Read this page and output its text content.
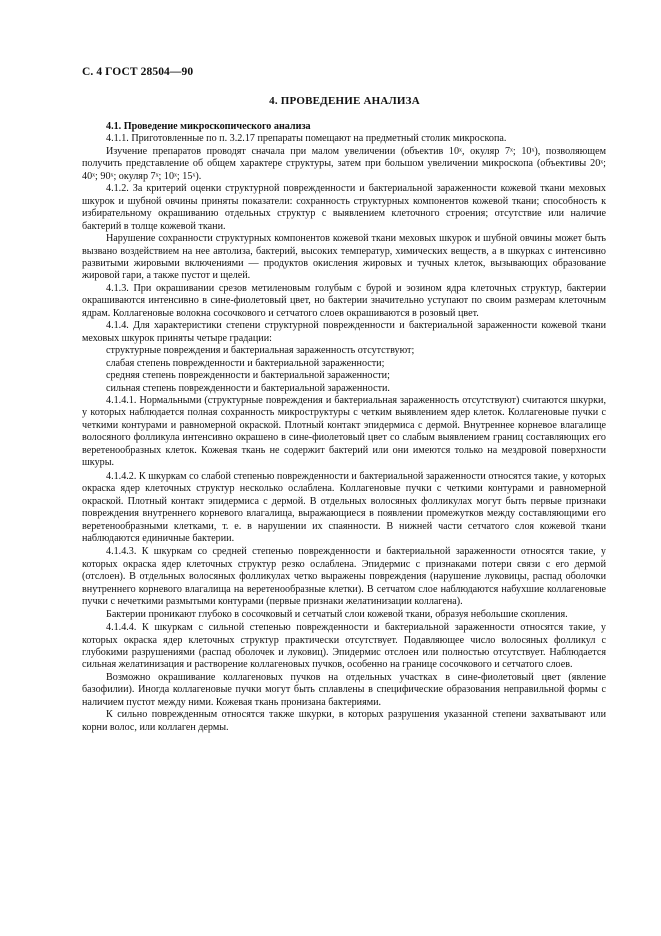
С. 4 ГОСТ 28504—90
4. ПРОВЕДЕНИЕ АНАЛИЗА

4.1. Проведение микроскопического анализа

4.1.1. Приготовленные по п. 3.2.17 препараты помещают на предметный столик микроскопа.

Изучение препаратов проводят сначала при малом увеличении (объектив 10ˣ, окуляр 7ˣ; 10ˣ), позволяющем получить представление об общем характере структуры, затем при большом увеличении микроскопа (объективы 20ˣ; 40ˣ; 90ˣ; окуляр 7ˣ; 10ˣ; 15ˣ).

4.1.2. За критерий оценки структурной поврежденности и бактериальной зараженности кожевой ткани меховых шкурок и шубной овчины приняты показатели: сохранность структурных компонентов кожевой ткани; способность к избирательному окрашиванию отдельных структур с выявлением клеточного строения; отсутствие или наличие бактерий в толще кожевой ткани.

Нарушение сохранности структурных компонентов кожевой ткани меховых шкурок и шубной овчины может быть вызвано воздействием на нее автолиза, бактерий, высоких температур, химических веществ, а в шкурках с интенсивно развитыми жировыми включениями — продуктов окисления жировых и тучных клеток, вызывающих образование жировой гари, а также пустот и щелей.

4.1.3. При окрашивании срезов метиленовым голубым с бурой и эозином ядра клеточных структур, бактерии окрашиваются интенсивно в сине-фиолетовый цвет, но бактерии значительно уступают по своим размерам клеточным ядрам. Коллагеновые волокна сосочкового и сетчатого слоев окрашиваются в розовый цвет.

4.1.4. Для характеристики степени структурной поврежденности и бактериальной зараженности кожевой ткани меховых шкурок приняты четыре градации:

структурные повреждения и бактериальная зараженность отсутствуют;

слабая степень поврежденности и бактериальной зараженности;

средняя степень поврежденности и бактериальной зараженности;

сильная степень поврежденности и бактериальной зараженности.

4.1.4.1. Нормальными (структурные повреждения и бактериальная зараженность отсутствуют) считаются шкурки, у которых наблюдается полная сохранность микроструктуры с четким выявлением ядер клеток. Коллагеновые пучки с четкими контурами и равномерной окраской. Плотный контакт эпидермиса с дермой. Внутреннее корневое влагалище волосяного фолликула интенсивно окрашено в сине-фиолетовый цвет со слабым выявлением границ составляющих его веретенообразных клеток. Кожевая ткань не содержит бактерий или они имеются только на мездровой поверхности шкуры.

4.1.4.2. К шкуркам со слабой степенью поврежденности и бактериальной зараженности относятся такие, у которых окраска ядер клеточных структур несколько ослаблена. Коллагеновые пучки с четкими контурами и равномерной окраской. Плотный контакт эпидермиса с дермой. В отдельных волосяных фолликулах могут быть первые признаки повреждения внутреннего корневого влагалища, выражающиеся в появлении промежутков между составляющими его веретенообразными клетками, т. е. в нарушении их спаянности. В нижней части сетчатого слоя кожевой ткани наблюдаются единичные бактерии.

4.1.4.3. К шкуркам со средней степенью поврежденности и бактериальной зараженности относятся такие, у которых окраска ядер клеточных структур резко ослаблена. Эпидермис с признаками потери связи с его дермой (отслоен). В отдельных волосяных фолликулах четко выражены повреждения (нарушение луковицы, распад оболочки внутреннего корневого влагалища на веретенообразные клетки). В сетчатом слое наблюдаются набухшие коллагеновые пучки с нечеткими размытыми контурами (первые признаки желатинизации коллагена).

Бактерии проникают глубоко в сосочковый и сетчатый слои кожевой ткани, образуя небольшие скопления.

4.1.4.4. К шкуркам с сильной степенью поврежденности и бактериальной зараженности относятся такие, у которых окраска ядер клеточных структур практически отсутствует. Подавляющее число волосяных фолликул с глубокими разрушениями (распад оболочек и луковиц). Эпидермис отслоен или полностью отсутствует. Наблюдается сильная желатинизация и растворение коллагеновых пучков, особенно на границе сосочкового и сетчатого слоев.

Возможно окрашивание коллагеновых пучков на отдельных участках в сине-фиолетовый цвет (явление базофилии). Иногда коллагеновые пучки могут быть сплавлены в специфические образования неправильной формы с наличием пустот между ними. Кожевая ткань пронизана бактериями.

К сильно поврежденным относятся также шкурки, в которых разрушения указанной степени захватывают или корни волос, или коллаген дермы.
